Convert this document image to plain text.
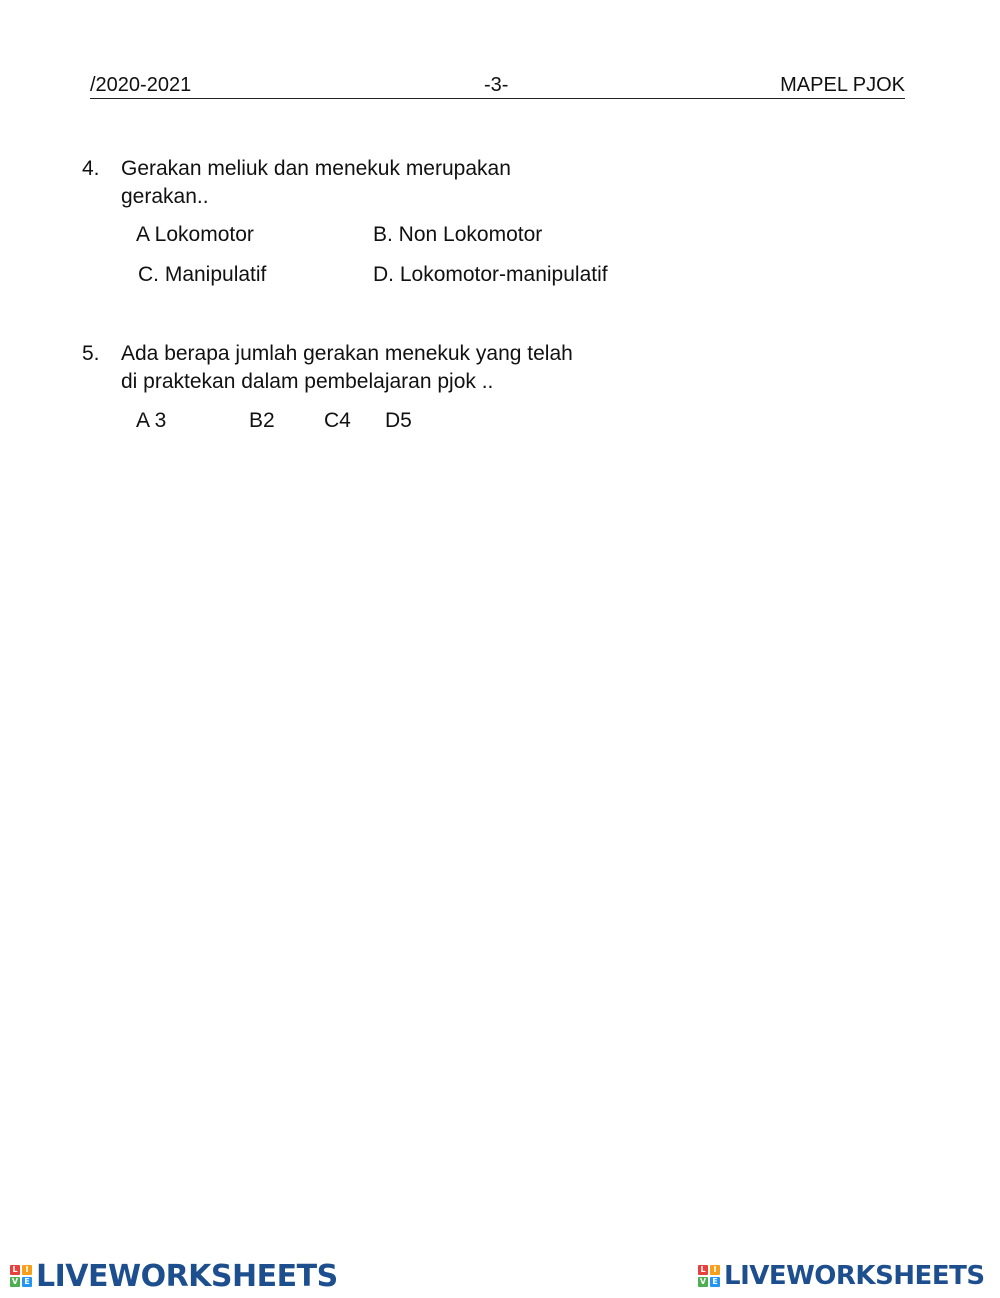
/2020-2021	-3-	MAPEL PJOK
4. Gerakan meliuk dan menekuk merupakan
gerakan..
A Lokomotor	B. Non Lokomotor
C. Manipulatif	D. Lokomotor-manipulatif
5. Ada berapa jumlah gerakan menekuk yang telah
di praktekan dalam pembelajaran pjok ..
A 3	B2 C4 D5
L I
V E LIVEWORKSHEETS	L I
V E LIVEWORKSHEETS
